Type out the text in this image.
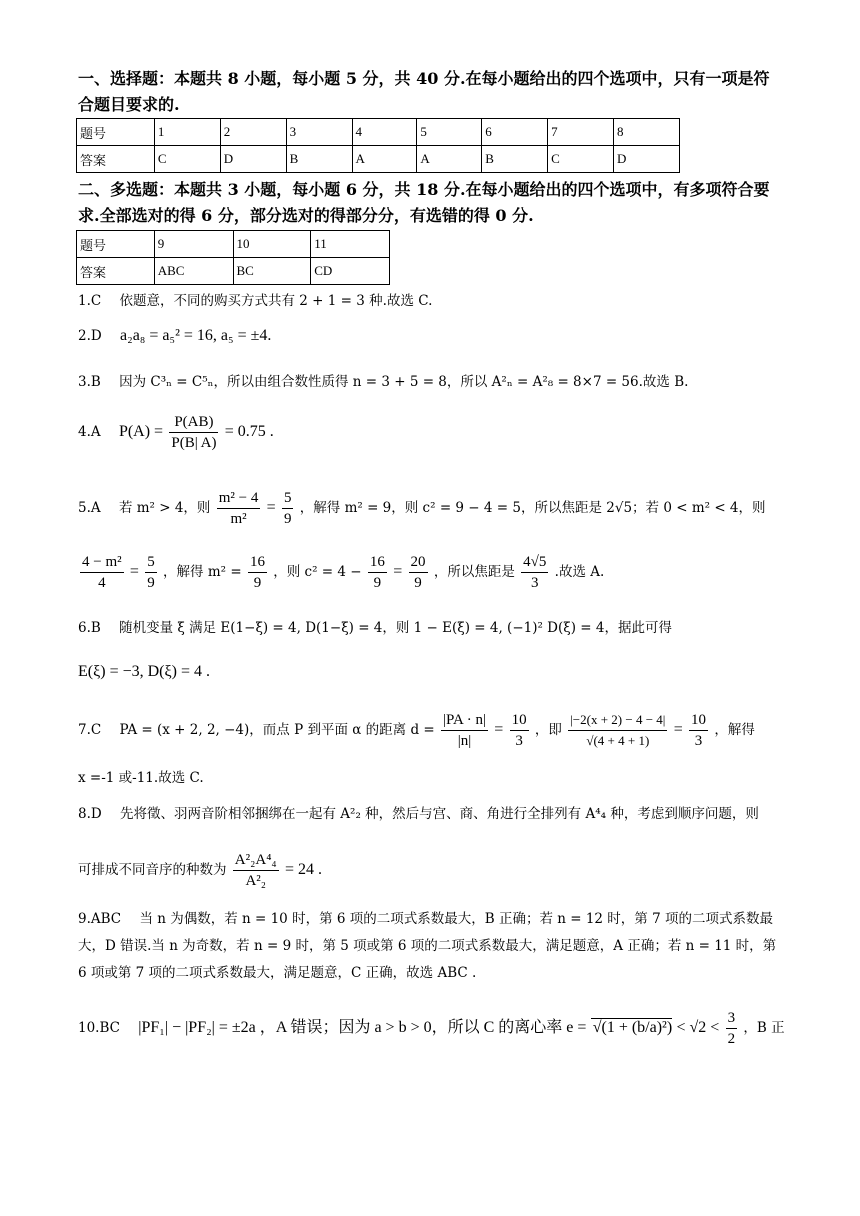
一、选择题：本题共 8 小题，每小题 5 分，共 40 分.在每小题给出的四个选项中，只有一项是符合题目要求的.
题号	1	2	3	4	5	6	7	8
答案	C	D	B	A	A	B	C	D
二、多选题：本题共 3 小题，每小题 6 分，共 18 分.在每小题给出的四个选项中，有多项符合要求.全部选对的得 6 分，部分选对的得部分分，有选错的得 0 分.
题号	9	10	11
答案	ABC	BC	CD
1.C 依题意，不同的购买方式共有 2 + 1 = 3 种.故选 C.
2.D a₂a₈ = a₅² = 16, a₅ = ±4.
3.B 因为 C³ₙ = C⁵ₙ，所以由组合数性质得 n = 3 + 5 = 8，所以 A²ₙ = A²₈ = 8×7 = 56.故选 B.
4.A $P(A) = \frac{P(AB)}{P(B| A)} = 0.75$ .
5.A 若 m² > 4，则 $\frac{\text{m² − 4}}{\text{m²}} = \frac{5}{9}$ ，解得 m² = 9，则 c² = 9 − 4 = 5，所以焦距是 2√5；若 0 < m² < 4，则
$\frac{\text{4 − m²}}{4} = \frac{5}{9}$ ，解得 $m^2 = \frac{16}{9}$ ，则 $c^2 = 4 - \frac{16}{9} = \frac{20}{9}$ ，所以焦距是 $\frac{4√5}{3}$ .故选 A.
6.B 随机变量 ξ 满足 E(1−ξ) = 4, D(1−ξ) = 4，则 1 − E(ξ) = 4, (−1)² D(ξ) = 4，据此可得
E(ξ) = −3, D(ξ) = 4 .
7.C PA = (x + 2, 2, −4)，而点 P 到平面 α 的距离 $d = \frac{|PA \cdot n|}{|n|} = \frac{10}{3}$ ，即 $\frac{|-2(x + 2) - 4 - 4|}{√(4 + 4 + 1)} = \frac{10}{3}$ ，解得
x =-1 或-11.故选 C.
8.D 先将徵、羽两音阶相邻捆绑在一起有 A²₂ 种，然后与宫、商、角进行全排列有 A⁴₄ 种，考虑到顺序问题，则
可排成不同音序的种数为 $\frac{\text{A²₂A⁴₄}}{\text{A²₂}} = 24$ .
9.ABC 当 n 为偶数，若 n = 10 时，第 6 项的二项式系数最大，B 正确；若 n = 12 时，第 7 项的二项式系数最大，D 错误.当 n 为奇数，若 n = 9 时，第 5 项或第 6 项的二项式系数最大，满足题意，A 正确；若 n = 11 时，第 6 项或第 7 项的二项式系数最大，满足题意，C 正确，故选 ABC .
10.BC |PF₁| − |PF₂| = ±2a ，A 错误；因为 a > b > 0，所以 C 的离心率 $e = √(1 + (b/a)^2) < √2 < \frac{3}{2}$ ，B 正
